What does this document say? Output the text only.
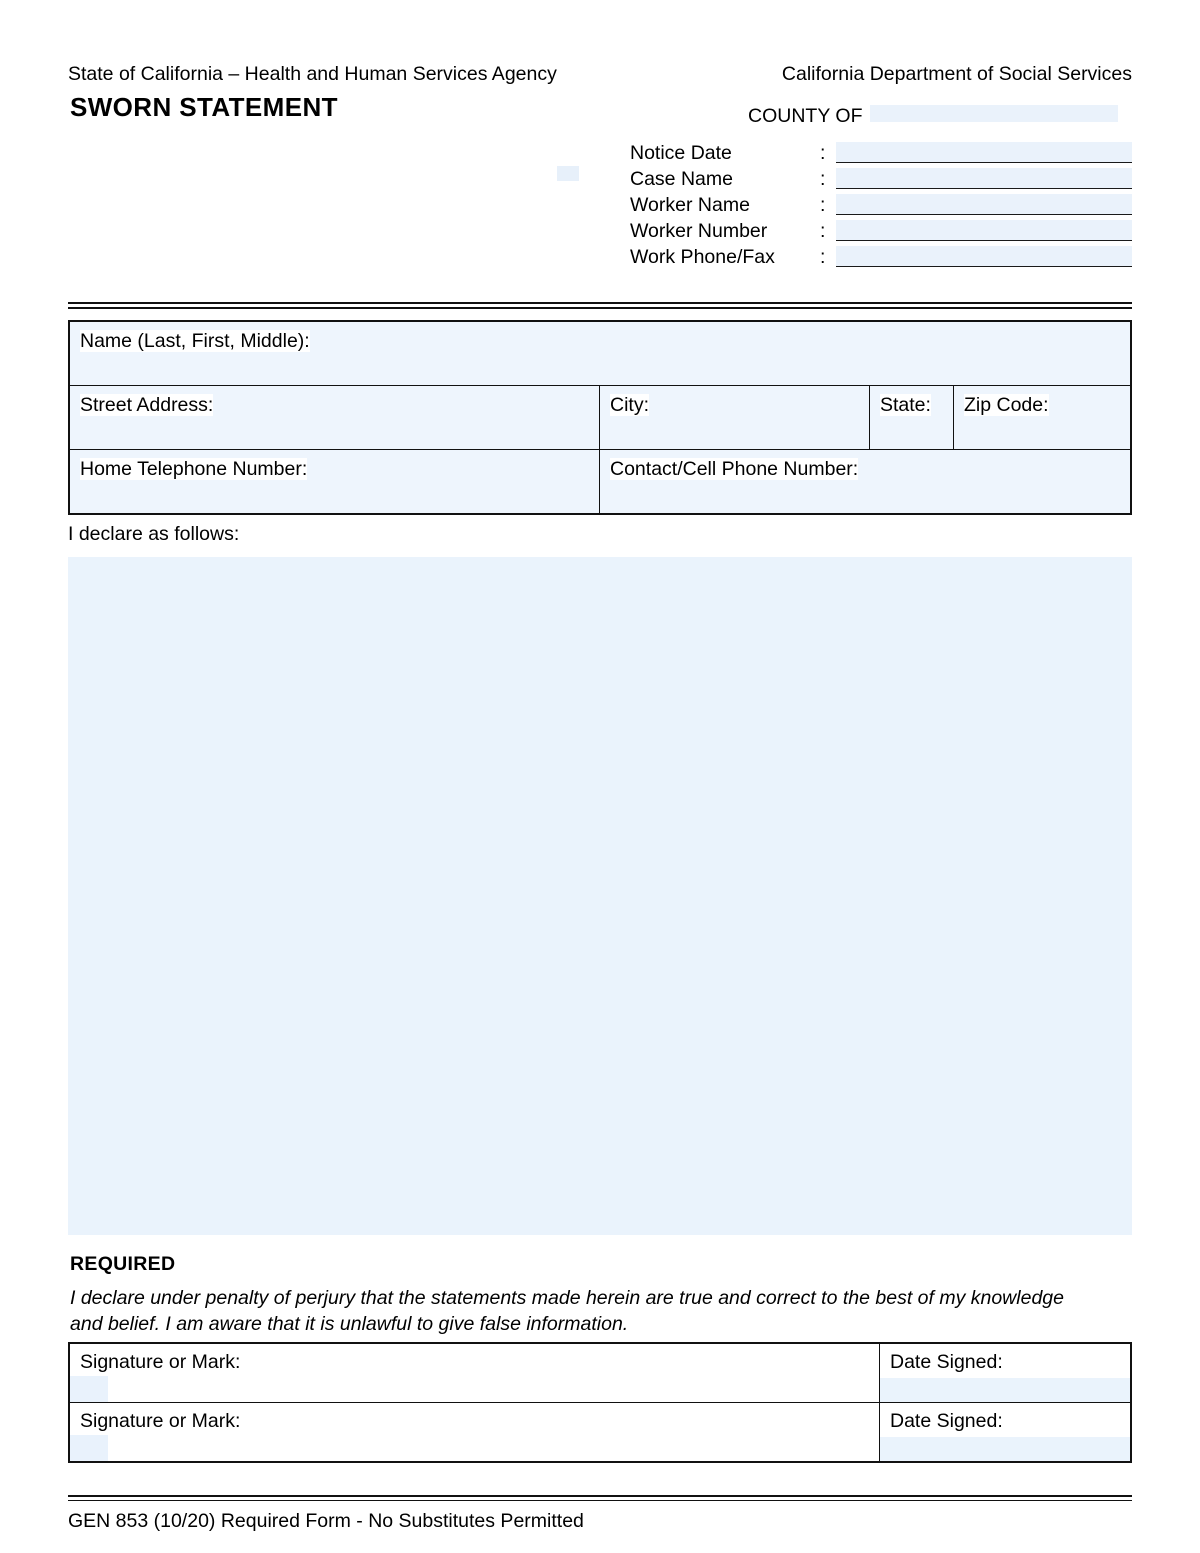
State of California – Health and Human Services Agency	California Department of Social Services
SWORN STATEMENT	COUNTY OF
Notice Date	:
Case Name	:
Worker Name	:
Worker Number	:
Work Phone/Fax	:
Name (Last, First, Middle):
Street Address:	City:	State:	Zip Code:
Home Telephone Number:	Contact/Cell Phone Number:
I declare as follows:
REQUIRED
I declare under penalty of perjury that the statements made herein are true and correct to the best of my knowledge and belief. I am aware that it is unlawful to give false information.
Signature or Mark:	Date Signed:
Signature or Mark:	Date Signed:
GEN 853 (10/20) Required Form - No Substitutes Permitted
